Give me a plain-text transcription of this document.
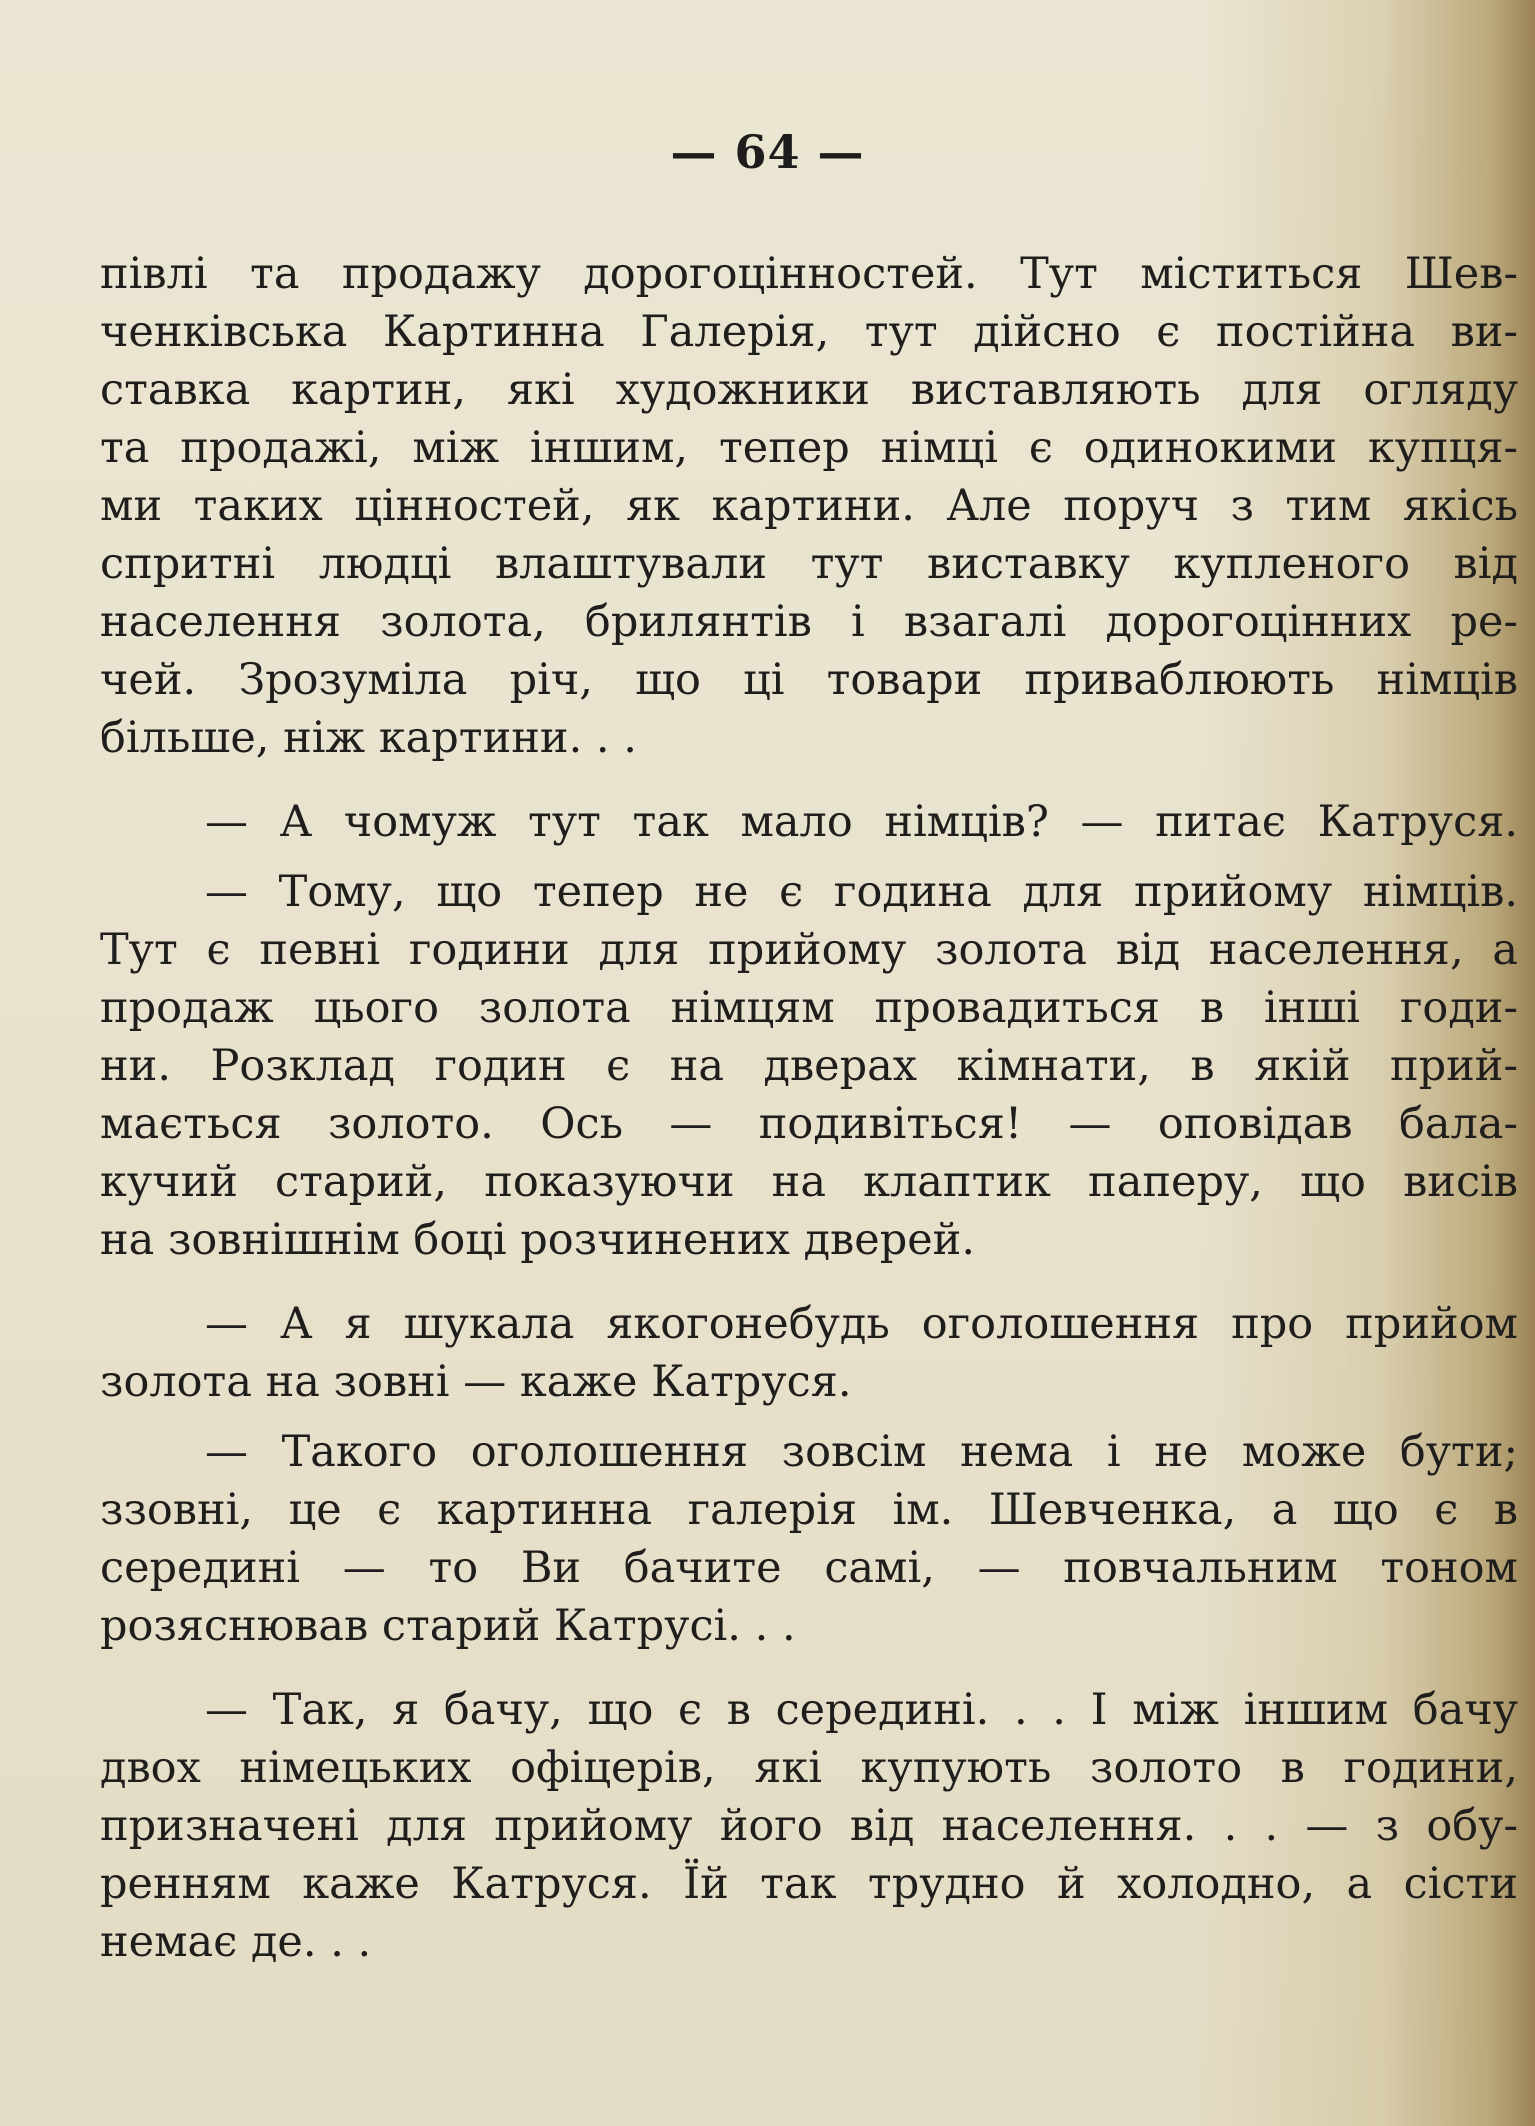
— 64 —
півлі та продажу дорогоцінностей. Тут міститься Шев-
ченківська Картинна Галерія, тут дійсно є постійна ви-
ставка картин, які художники виставляють для огляду
та продажі, між іншим, тепер німці є одинокими купця-
ми таких цінностей, як картини. Але поруч з тим якісь
спритні людці влаштували тут виставку купленого від
населення золота, брилянтів і взагалі дорогоцінних ре-
чей. Зрозуміла річ, що ці товари приваблюють німців
більше, ніж картини. . .
— А чомуж тут так мало німців? — питає Катруся.
— Тому, що тепер не є година для прийому німців.
Тут є певні години для прийому золота від населення, а
продаж цього золота німцям провадиться в інші годи-
ни. Розклад годин є на дверах кімнати, в якій прий-
мається золото. Ось — подивіться! — оповідав бала-
кучий старий, показуючи на клаптик паперу, що висів
на зовнішнім боці розчинених дверей.
— А я шукала якогонебудь оголошення про прийом
золота на зовні — каже Катруся.
— Такого оголошення зовсім нема і не може бути;
ззовні, це є картинна галерія ім. Шевченка, а що є в
середині — то Ви бачите самі, — повчальним тоном
розяснював старий Катрусі. . .
— Так, я бачу, що є в середині. . . І між іншим бачу
двох німецьких офіцерів, які купують золото в години,
призначені для прийому його від населення. . . — з обу-
ренням каже Катруся. Їй так трудно й холодно, а сісти
немає де. . .
